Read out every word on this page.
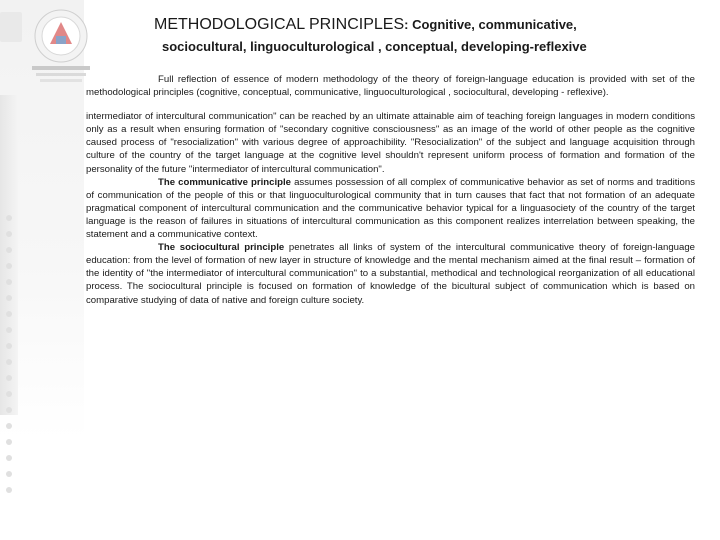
METHODOLOGICAL PRINCIPLES: Cognitive, communicative,
sociocultural, linguoculturological , conceptual, developing-reflexive

Full reflection of essence of modern methodology of the theory of foreign-language education is provided with set of the methodological principles (cognitive, conceptual, communicative, linguoculturological , sociocultural, developing - reflexive).

intermediator of intercultural communication" can be reached by an ultimate attainable aim of teaching foreign languages in modern conditions only as a result when ensuring formation of "secondary cognitive consciousness" as an image of the world of other people as the cognitive caused process of "resocialization" with various degree of approachibility. "Resocialization" of the subject and language acquisition through culture of the country of the target language at the cognitive level shouldn't represent uniform process of formation and formation of the personality of the future "intermediator of intercultural communication".

The communicative principle assumes possession of all complex of communicative behavior as set of norms and traditions of communication of the people of this or that linguoculturological community that in turn causes that fact that not formation of an adequate pragmatical component of intercultural communication and the communicative behavior typical for a linguasociety of the country of the target language is the reason of failures in situations of intercultural communication as this component realizes interrelation between speaking, the statement and a communicative context.

The sociocultural principle penetrates all links of system of the intercultural communicative theory of foreign-language education: from the level of formation of new layer in structure of knowledge and the mental mechanism aimed at the final result – formation of the identity of "the intermediator of intercultural communication" to a substantial, methodical and technological reorganization of all educational process. The sociocultural principle is focused on formation of knowledge of the bicultural subject of communication which is based on comparative studying of data of native and foreign culture society.
